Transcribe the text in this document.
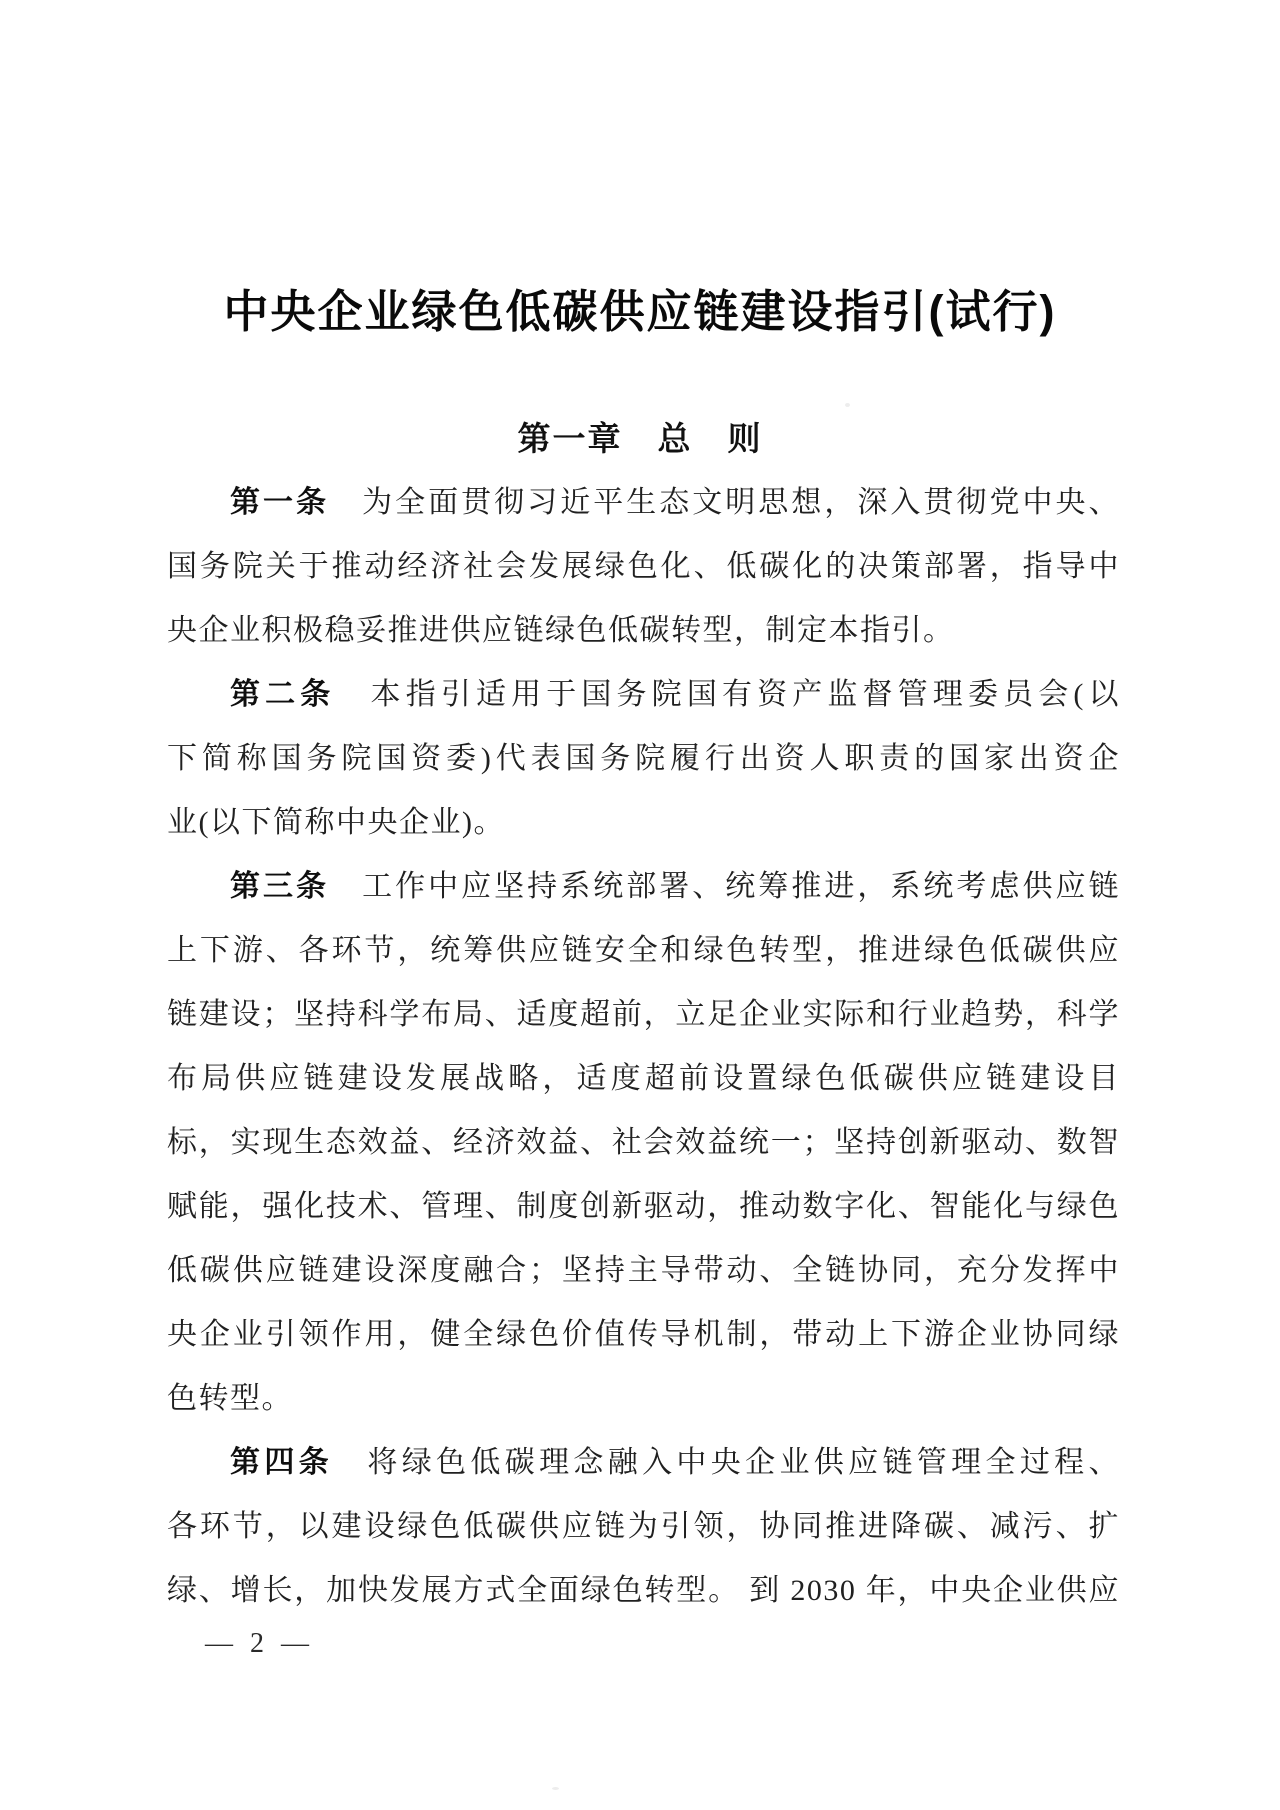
中央企业绿色低碳供应链建设指引(试行)
第一章　总　则
第一条　为全面贯彻习近平生态文明思想，深入贯彻党中央、
国务院关于推动经济社会发展绿色化、低碳化的决策部署，指导中
央企业积极稳妥推进供应链绿色低碳转型，制定本指引。
第二条　本指引适用于国务院国有资产监督管理委员会(以
下简称国务院国资委)代表国务院履行出资人职责的国家出资企
业(以下简称中央企业)。
第三条　工作中应坚持系统部署、统筹推进，系统考虑供应链
上下游、各环节，统筹供应链安全和绿色转型，推进绿色低碳供应
链建设；坚持科学布局、适度超前，立足企业实际和行业趋势，科学
布局供应链建设发展战略，适度超前设置绿色低碳供应链建设目
标，实现生态效益、经济效益、社会效益统一；坚持创新驱动、数智
赋能，强化技术、管理、制度创新驱动，推动数字化、智能化与绿色
低碳供应链建设深度融合；坚持主导带动、全链协同，充分发挥中
央企业引领作用，健全绿色价值传导机制，带动上下游企业协同绿
色转型。
第四条　将绿色低碳理念融入中央企业供应链管理全过程、
各环节，以建设绿色低碳供应链为引领，协同推进降碳、减污、扩
绿、增长，加快发展方式全面绿色转型。 到 2030 年，中央企业供应
— 2 —
